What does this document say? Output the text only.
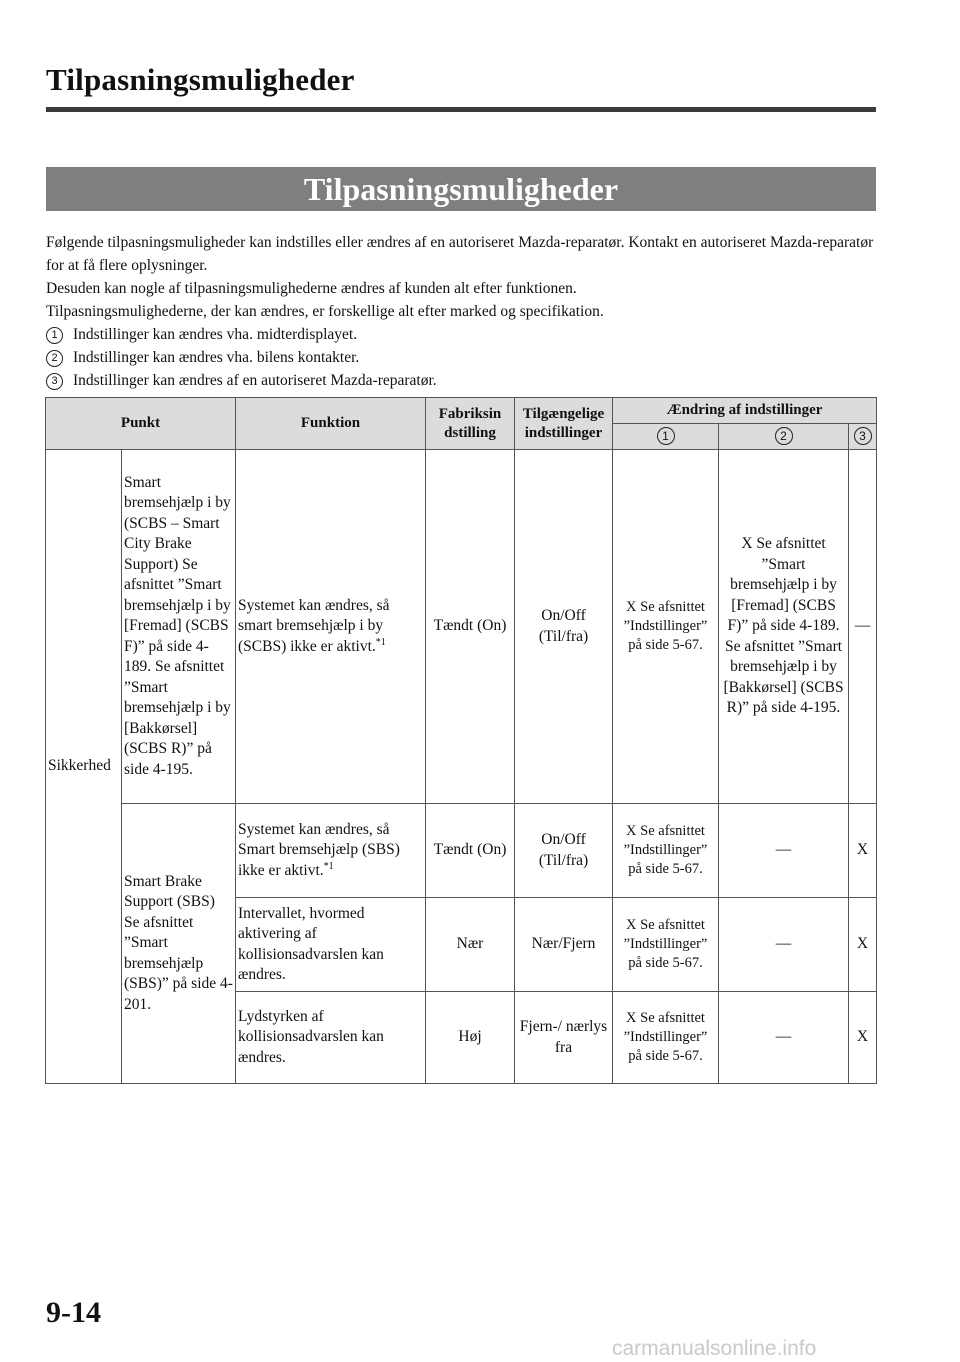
Tilpasningsmuligheder
Tilpasningsmuligheder

Følgende tilpasningsmuligheder kan indstilles eller ændres af en autoriseret Mazda-reparatør. Kontakt en autoriseret Mazda-reparatør for at få flere oplysninger.

Desuden kan nogle af tilpasningsmulighederne ændres af kunden alt efter funktionen.

Tilpasningsmulighederne, der kan ændres, er forskellige alt efter marked og specifikation.

1 Indstillinger kan ændres vha. midterdisplayet.

2 Indstillinger kan ændres vha. bilens kontakter.

3 Indstillinger kan ændres af en autoriseret Mazda-reparatør.

Punkt		Funktion	Fabriksin dstilling	Tilgængelige indstillinger	Ændring af indstillinger		
					1	2	3
Sikkerhed	Smart bremsehjælp i by (SCBS – Smart City Brake Support) Se afsnittet ”Smart bremsehjælp i by [Fremad] (SCBS F)” på side 4-189. Se afsnittet ”Smart bremsehjælp i by [Bakkørsel] (SCBS R)” på side 4-195.	Systemet kan ændres, så smart bremsehjælp i by (SCBS) ikke er aktivt.$^{*1}$	Tændt (On)	On/Off (Til/fra)	X Se afsnittet ”Indstillinger” på side 5-67.	X Se afsnittet ”Smart bremsehjælp i by [Fremad] (SCBS F)” på side 4-189. Se afsnittet ”Smart bremsehjælp i by [Bakkørsel] (SCBS R)” på side 4-195.	—
	Smart Brake Support (SBS) Se afsnittet ”Smart bremsehjælp (SBS)” på side 4-201.	Systemet kan ændres, så Smart bremsehjælp (SBS) ikke er aktivt.$^{*1}$	Tændt (On)	On/Off (Til/fra)	X Se afsnittet ”Indstillinger” på side 5-67.	—	X
		Intervallet, hvormed aktivering af kollisionsadvarslen kan ændres.	Nær	Nær/Fjern	X Se afsnittet ”Indstillinger” på side 5-67.	—	X
		Lydstyrken af kollisionsadvarslen kan ændres.	Høj	Fjern-/ nærlys fra	X Se afsnittet ”Indstillinger” på side 5-67.	—	X
9-14
carmanualsonline.info
